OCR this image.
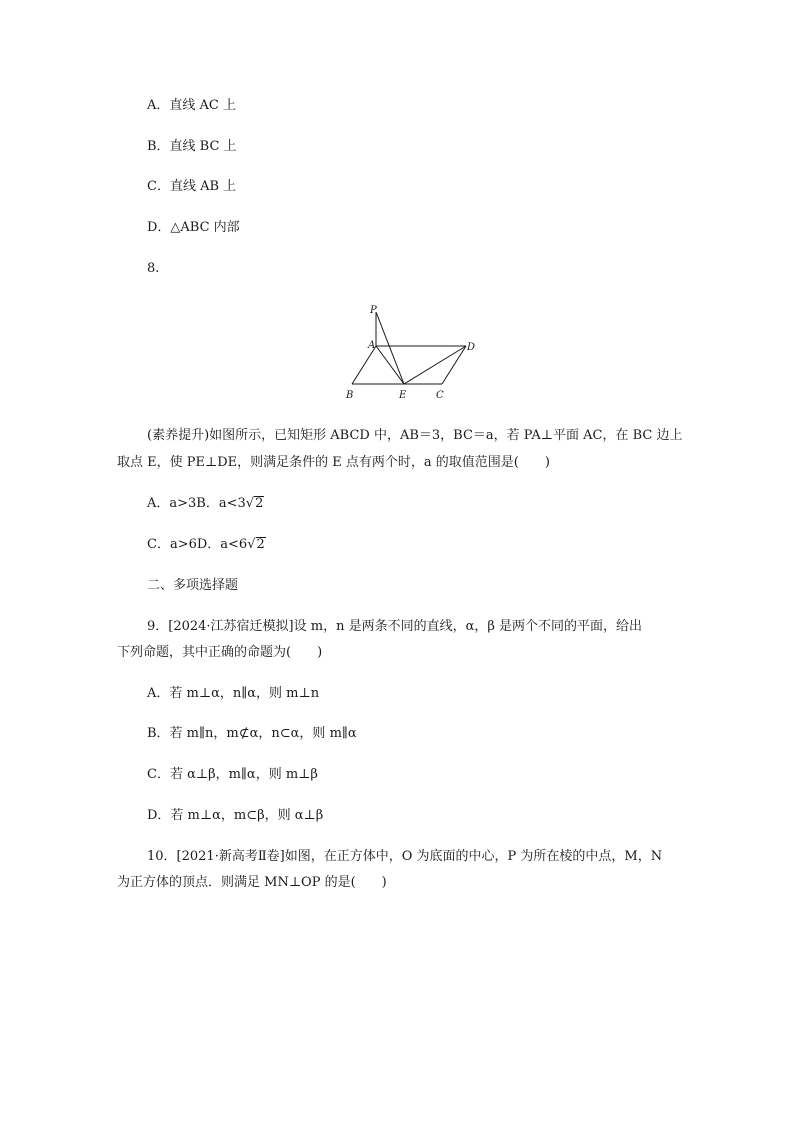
A．直线 AC 上
B．直线 BC 上
C．直线 AB 上
D．△ABC 内部
8.
P
A	D
B	E	C
(素养提升)如图所示，已知矩形 ABCD 中，AB＝3，BC＝a，若 PA⊥平面 AC，在 BC 边上
取点 E，使 PE⊥DE，则满足条件的 E 点有两个时，a 的取值范围是(　　)
A．a>3B．a<3√2
C．a>6D．a<6√2
二、多项选择题
9．[2024·江苏宿迁模拟]设 m，n 是两条不同的直线，α，β 是两个不同的平面，给出
下列命题，其中正确的命题为(　　)
A．若 m⊥α，n∥α，则 m⊥n
B．若 m∥n，m⊄α，n⊂α，则 m∥α
C．若 α⊥β，m∥α，则 m⊥β
D．若 m⊥α，m⊂β，则 α⊥β
10．[2021·新高考Ⅱ卷]如图，在正方体中，O 为底面的中心，P 为所在棱的中点，M，N
为正方体的顶点．则满足 MN⊥OP 的是(　　)
